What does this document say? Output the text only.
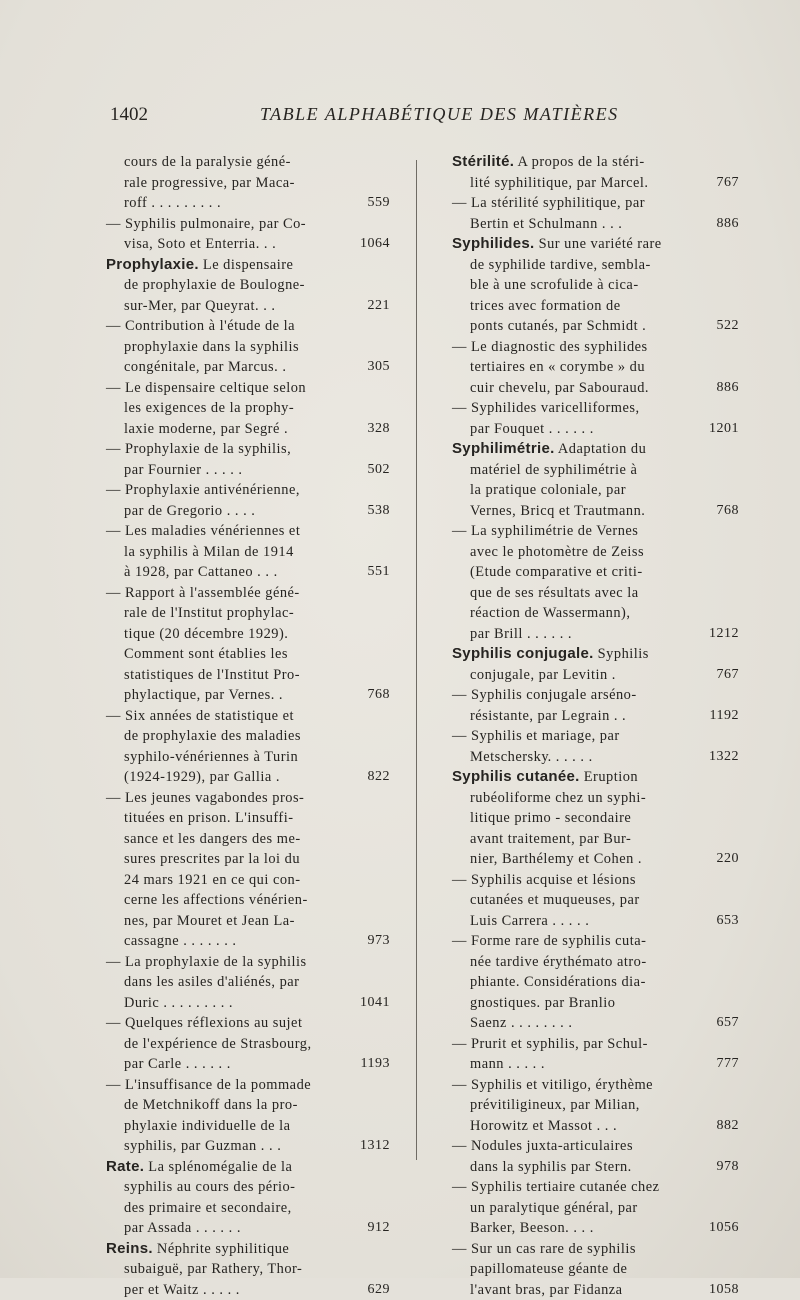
1402	TABLE ALPHABÉTIQUE DES MATIÈRES
cours de la paralysie géné-
rale progressive, par Maca-
roff . . . . . . . . .	559
— Syphilis pulmonaire, par Co-
visa, Soto et Enterria. . .	1064
Prophylaxie. Le dispensaire
de prophylaxie de Boulogne-
sur-Mer, par Queyrat. . .	221
— Contribution à l'étude de la
prophylaxie dans la syphilis
congénitale, par Marcus. .	305
— Le dispensaire celtique selon
les exigences de la prophy-
laxie moderne, par Segré .	328
— Prophylaxie de la syphilis,
par Fournier . . . . .	502
— Prophylaxie antivénérienne,
par de Gregorio . . . .	538
— Les maladies vénériennes et
la syphilis à Milan de 1914
à 1928, par Cattaneo . . .	551
— Rapport à l'assemblée géné-
rale de l'Institut prophylac-
tique (20 décembre 1929).
Comment sont établies les
statistiques de l'Institut Pro-
phylactique, par Vernes. .	768
— Six années de statistique et
de prophylaxie des maladies
syphilo-vénériennes à Turin
(1924-1929), par Gallia .	822
— Les jeunes vagabondes pros-
tituées en prison. L'insuffi-
sance et les dangers des me-
sures prescrites par la loi du
24 mars 1921 en ce qui con-
cerne les affections vénérien-
nes, par Mouret et Jean La-
cassagne . . . . . . .	973
— La prophylaxie de la syphilis
dans les asiles d'aliénés, par
Duric . . . . . . . . .	1041
— Quelques réflexions au sujet
de l'expérience de Strasbourg,
par Carle . . . . . .	1193
— L'insuffisance de la pommade
de Metchnikoff dans la pro-
phylaxie individuelle de la
syphilis, par Guzman . . .	1312
Rate. La splénomégalie de la
syphilis au cours des pério-
des primaire et secondaire,
par Assada . . . . . .	912
Reins. Néphrite syphilitique
subaiguë, par Rathery, Thor-
per et Waitz . . . . .	629
Stérilité. A propos de la stéri-
lité syphilitique, par Marcel.	767
— La stérilité syphilitique, par
Bertin et Schulmann . . .	886
Syphilides. Sur une variété rare
de syphilide tardive, sembla-
ble à une scrofulide à cica-
trices avec formation de
ponts cutanés, par Schmidt .	522
— Le diagnostic des syphilides
tertiaires en « corymbe » du
cuir chevelu, par Sabouraud.	886
— Syphilides varicelliformes,
par Fouquet . . . . . .	1201
Syphilimétrie. Adaptation du
matériel de syphilimétrie à
la pratique coloniale, par
Vernes, Bricq et Trautmann.	768
— La syphilimétrie de Vernes
avec le photomètre de Zeiss
(Etude comparative et criti-
que de ses résultats avec la
réaction de Wassermann),
par Brill . . . . . .	1212
Syphilis conjugale. Syphilis
conjugale, par Levitin .	767
— Syphilis conjugale arséno-
résistante, par Legrain . .	1192
— Syphilis et mariage, par
Metscherskу. . . . . .	1322
Syphilis cutanée. Eruption
rubéoliforme chez un syphi-
litique primo - secondaire
avant traitement, par Bur-
nier, Barthélemy et Cohen .	220
— Syphilis acquise et lésions
cutanées et muqueuses, par
Luis Carrera . . . . .	653
— Forme rare de syphilis cuta-
née tardive érythémato atro-
phiante. Considérations dia-
gnostiques. par Branlio
Saenz . . . . . . . .	657
— Prurit et syphilis, par Schul-
mann . . . . .	777
— Syphilis et vitiligo, érythème
prévitiligineux, par Milian,
Horowitz et Massot . . .	882
— Nodules juxta-articulaires
dans la syphilis par Stern.	978
— Syphilis tertiaire cutanée chez
un paralytique général, par
Barker, Beeson. . . .	1056
— Sur un cas rare de syphilis
papillomateuse géante de
l'avant bras, par Fidanza	1058
